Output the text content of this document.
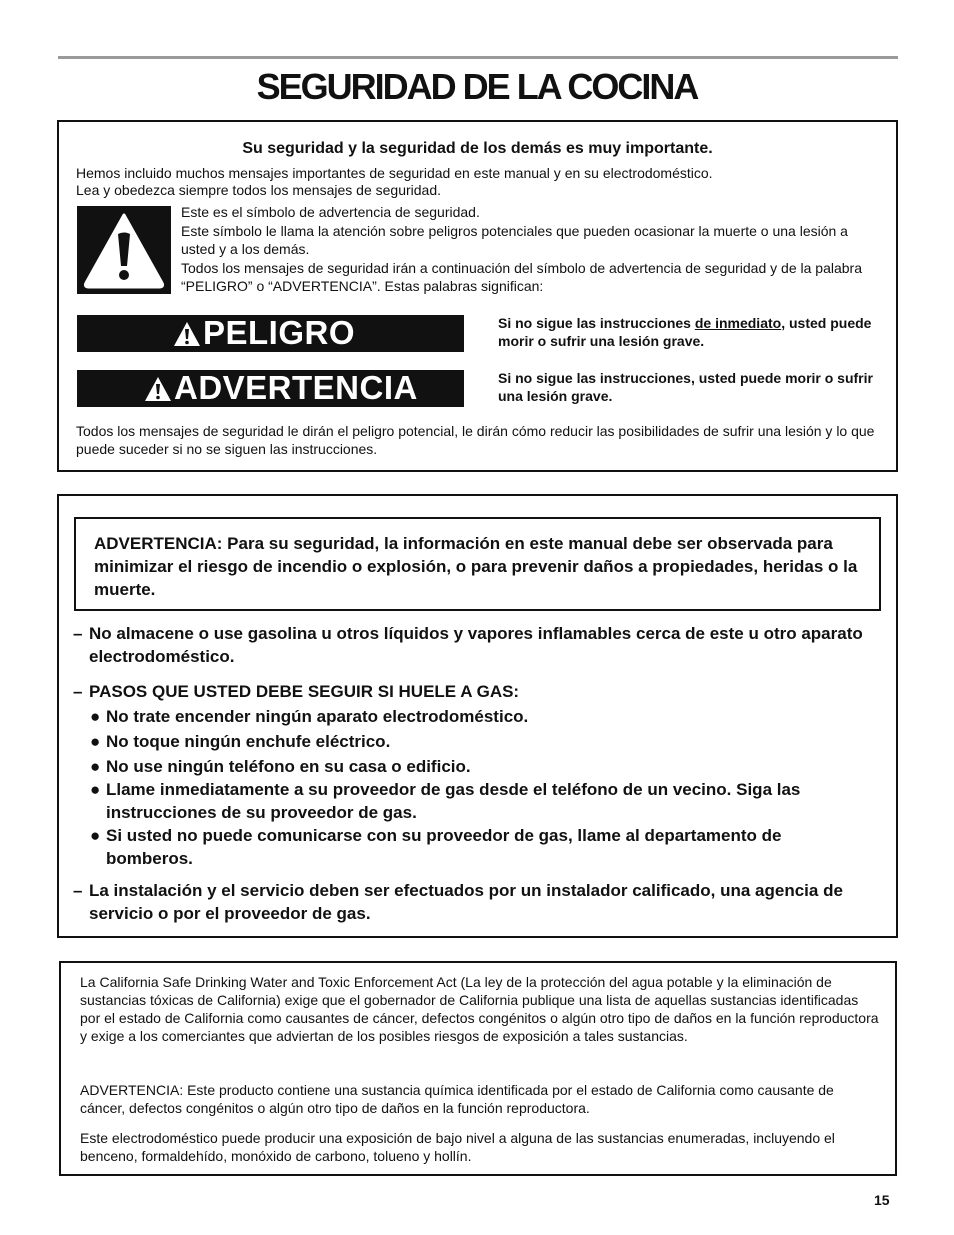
SEGURIDAD DE LA COCINA
Su seguridad y la seguridad de los demás es muy importante.
Hemos incluido muchos mensajes importantes de seguridad en este manual y en su electrodoméstico.
Lea y obedezca siempre todos los mensajes de seguridad.
Este es el símbolo de advertencia de seguridad.
Este símbolo le llama la atención sobre peligros potenciales que pueden ocasionar la muerte o una lesión a usted y a los demás.
Todos los mensajes de seguridad irán a continuación del símbolo de advertencia de seguridad y de la palabra “PELIGRO” o “ADVERTENCIA”. Estas palabras significan:
PELIGRO	Si no sigue las instrucciones de inmediato, usted puede morir o sufrir una lesión grave.
ADVERTENCIA	Si no sigue las instrucciones, usted puede morir o sufrir una lesión grave.
Todos los mensajes de seguridad le dirán el peligro potencial, le dirán cómo reducir las posibilidades de sufrir una lesión y lo que puede suceder si no se siguen las instrucciones.
ADVERTENCIA: Para su seguridad, la información en este manual debe ser observada para minimizar el riesgo de incendio o explosión, o para prevenir daños a propiedades, heridas o la muerte.
– No almacene o use gasolina u otros líquidos y vapores inflamables cerca de este u otro aparato electrodoméstico.
– PASOS QUE USTED DEBE SEGUIR SI HUELE A GAS:
● No trate encender ningún aparato electrodoméstico.
● No toque ningún enchufe eléctrico.
● No use ningún teléfono en su casa o edificio.
● Llame inmediatamente a su proveedor de gas desde el teléfono de un vecino. Siga las instrucciones de su proveedor de gas.
● Si usted no puede comunicarse con su proveedor de gas, llame al departamento de bomberos.
– La instalación y el servicio deben ser efectuados por un instalador calificado, una agencia de servicio o por el proveedor de gas.

La California Safe Drinking Water and Toxic Enforcement Act (La ley de la protección del agua potable y la eliminación de sustancias tóxicas de California) exige que el gobernador de California publique una lista de aquellas sustancias identificadas por el estado de California como causantes de cáncer, defectos congénitos o algún otro tipo de daños en la función reproductora y exige a los comerciantes que adviertan de los posibles riesgos de exposición a tales sustancias.

ADVERTENCIA: Este producto contiene una sustancia química identificada por el estado de California como causante de cáncer, defectos congénitos o algún otro tipo de daños en la función reproductora.

Este electrodoméstico puede producir una exposición de bajo nivel a alguna de las sustancias enumeradas, incluyendo el benceno, formaldehído, monóxido de carbono, tolueno y hollín.

15
